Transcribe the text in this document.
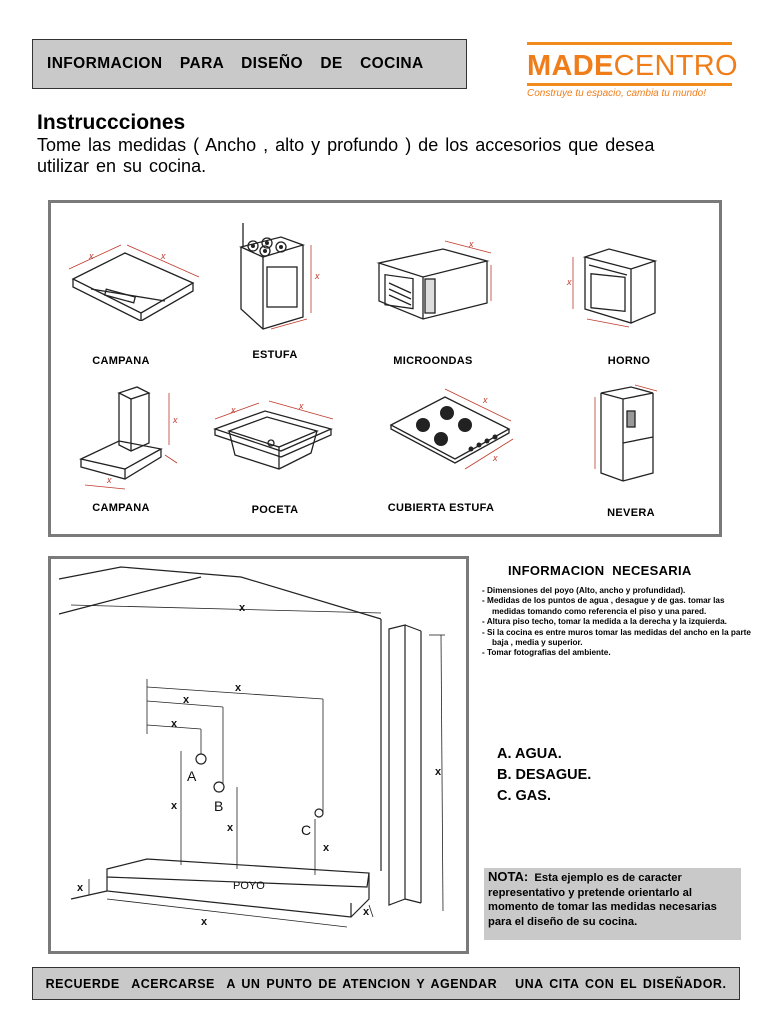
INFORMACION  PARA  DISEÑO  DE  COCINA	MADECENTRO
Construye tu espacio, cambia tu mundo!
Instruccciones
Tome las medidas ( Ancho , alto y profundo ) de los accesorios que desea utilizar en su cocina.
x
x
CAMPANA
x
ESTUFA
x
MICROONDAS
x
HORNO
x
x
CAMPANA
x	x
POCETA
x
x
CUBIERTA ESTUFA	NEVERA
x
x
x
x
x
x
x
x
x
x
x
A
B
C
POYO
INFORMACION  NECESARIA
- Dimensiones del poyo (Alto, ancho y profundidad).
- Medidas de los puntos de agua , desague y de gas. tomar las medidas tomando como referencia el piso y una pared.
- Altura piso techo, tomar la medida a la derecha y la izquierda.
- Si la cocina es entre muros tomar las medidas del ancho en la parte baja , media y superior.
- Tomar fotografias del ambiente.
A. AGUA.
B. DESAGUE.
C. GAS.
NOTA: Esta ejemplo es de caracter representativo y pretende orientarlo al momento de tomar las medidas necesarias para el diseño de su cocina.
RECUERDE  ACERCARSE  A UN PUNTO DE ATENCION Y AGENDAR   UNA CITA CON EL DISEÑADOR.
